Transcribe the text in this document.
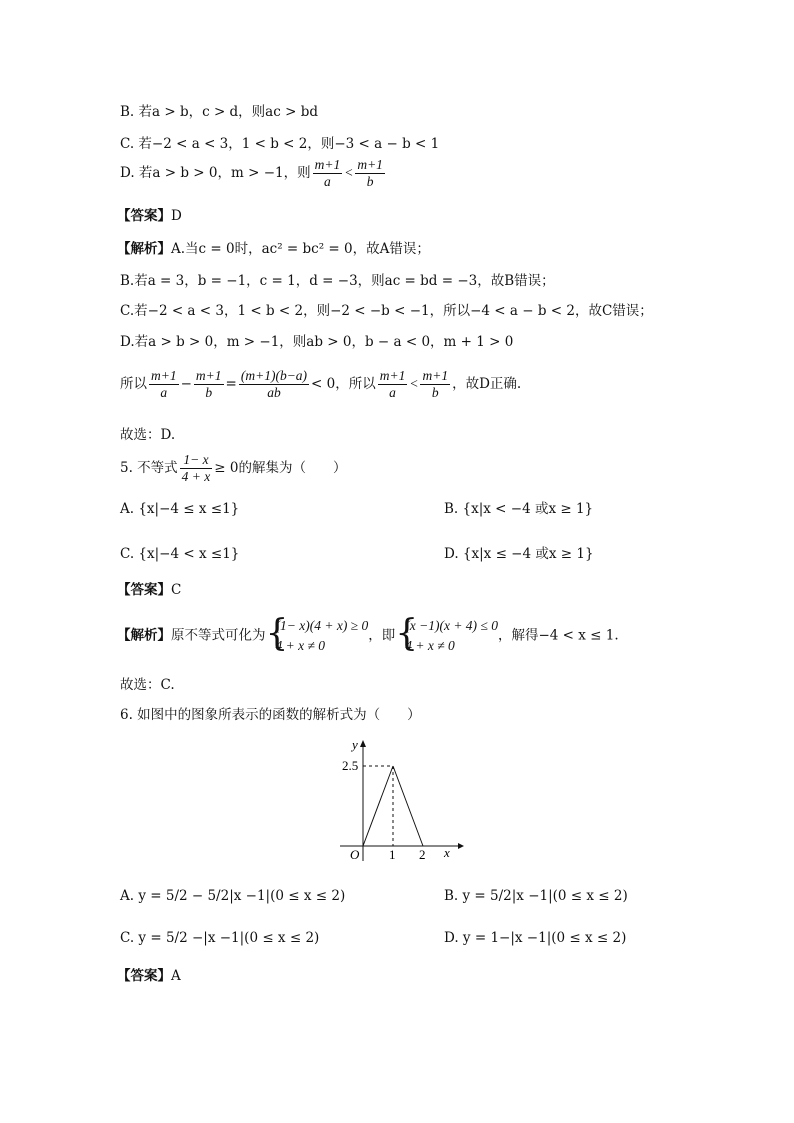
B. 若a > b，c > d，则ac > bd
C. 若−2 < a < 3，1 < b < 2，则−3 < a − b < 1
D. 若a > b > 0，m > −1，则 $\frac{m+1}{a} < \frac{m+1}{b}$
【答案】D
【解析】A.当c = 0时，ac² = bc² = 0，故A错误；
B.若a = 3，b = −1，c = 1，d = −3，则ac = bd = −3，故B错误；
C.若−2 < a < 3，1 < b < 2，则−2 < −b < −1，所以−4 < a − b < 2，故C错误；
D.若a > b > 0，m > −1，则ab > 0，b − a < 0，m + 1 > 0
所以 $\frac{m+1}{a} - \frac{m+1}{b} = \frac{(m+1)(b-a)}{ab} < 0$，所以 $\frac{m+1}{a} < \frac{m+1}{b}$ ，故D正确.
故选：D.
5. 不等式 $\frac{1- x}{4 + x} \ge 0$的解集为（　　）
A. {x|−4 ≤ x ≤1}	B. {x|x < −4 或x ≥ 1}
C. {x|−4 < x ≤1}	D. {x|x ≤ −4 或x ≥ 1}
【答案】C
【解析】原不等式可化为 {
(1− x)(4 + x) ≥ 0
4 + x ≠ 0
，即 {
(x −1)(x + 4) ≤ 0
4 + x ≠ 0
，解得−4 < x ≤ 1.
故选：C.
6. 如图中的图象所表示的函数的解析式为（　　）
y
2.5
O 1 2 x
A. y = 5/2 − 5/2|x −1|(0 ≤ x ≤ 2)	B. y = 5/2|x −1|(0 ≤ x ≤ 2)
C. y = 5/2 −|x −1|(0 ≤ x ≤ 2)	D. y = 1−|x −1|(0 ≤ x ≤ 2)
【答案】A
